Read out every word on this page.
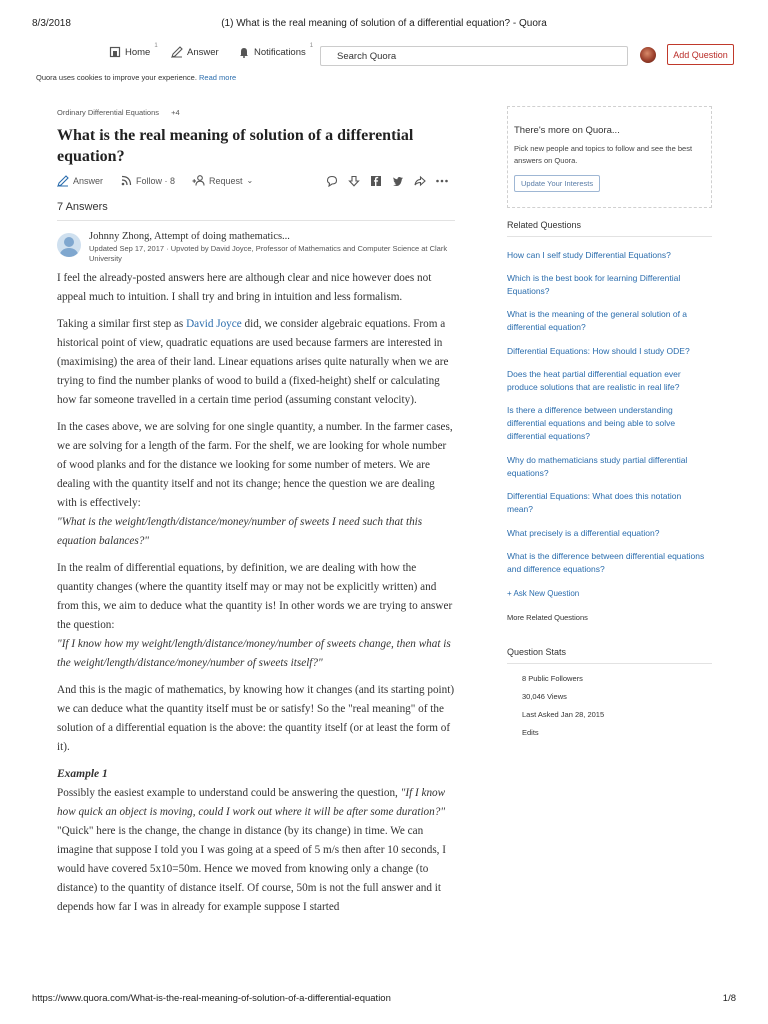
8/3/2018	(1) What is the real meaning of solution of a differential equation? - Quora
Home
1
Answer	Notifications
1
Search Quora	Add Question
Quora uses cookies to improve your experience. Read more
Ordinary Differential Equations +4
What is the real meaning of solution of a differential equation?
Answer	Follow · 8	Request ⌄
7 Answers
Johnny Zhong, Attempt of doing mathematics...
Updated Sep 17, 2017 · Upvoted by David Joyce, Professor of Mathematics and Computer Science at Clark University

I feel the already-posted answers here are although clear and nice however does not appeal much to intuition. I shall try and bring in intuition and less formalism.

Taking a similar first step as David Joyce did, we consider algebraic equations. From a historical point of view, quadratic equations are used because farmers are interested in (maximising) the area of their land. Linear equations arises quite naturally when we are trying to find the number planks of wood to build a (fixed-height) shelf or calculating how far someone travelled in a certain time period (assuming constant velocity).

In the cases above, we are solving for one single quantity, a number. In the farmer cases, we are solving for a length of the farm. For the shelf, we are looking for whole number of wood planks and for the distance we looking for some number of meters. We are dealing with the quantity itself and not its change; hence the question we are dealing with is effectively:

"What is the weight/length/distance/money/number of sweets I need such that this equation balances?"

In the realm of differential equations, by definition, we are dealing with how the quantity changes (where the quantity itself may or may not be explicitly written) and from this, we aim to deduce what the quantity is! In other words we are trying to answer the question:

"If I know how my weight/length/distance/money/number of sweets change, then what is the weight/length/distance/money/number of sweets itself?"

And this is the magic of mathematics, by knowing how it changes (and its starting point) we can deduce what the quantity itself must be or satisfy! So the "real meaning" of the solution of a differential equation is the above: the quantity itself (or at least the form of it).

Example 1

Possibly the easiest example to understand could be answering the question, "If I know how quick an object is moving, could I work out where it will be after some duration?"

"Quick" here is the change, the change in distance (by its change) in time. We can imagine that suppose I told you I was going at a speed of 5 m/s then after 10 seconds, I would have covered 5x10=50m. Hence we moved from knowing only a change (to distance) to the quantity of distance itself. Of course, 50m is not the full answer and it depends how far I was in already for example suppose I started

There's more on Quora...
Pick new people and topics to follow and see the best answers on Quora.
Update Your Interests
Related Questions
How can I self study Differential Equations?
Which is the best book for learning Differential Equations?
What is the meaning of the general solution of a differential equation?
Differential Equations: How should I study ODE?
Does the heat partial differential equation ever produce solutions that are realistic in real life?
Is there a difference between understanding differential equations and being able to solve differential equations?
Why do mathematicians study partial differential equations?
Differential Equations: What does this notation mean?
What precisely is a differential equation?
What is the difference between differential equations and difference equations?
+ Ask New Question
More Related Questions
Question Stats
8 Public Followers
30,046 Views
Last Asked Jan 28, 2015
Edits
https://www.quora.com/What-is-the-real-meaning-of-solution-of-a-differential-equation	1/8
